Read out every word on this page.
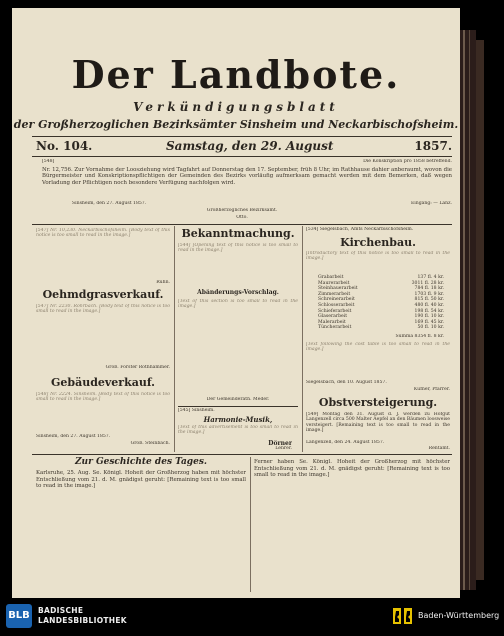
Der Landbote.
Verkündigungsblatt
der Großherzoglichen Bezirksämter Sinsheim und Neckarbischofsheim.
No. 104.	Samstag, den 29. August	1857.
[548]	Die Konskription pro 1858 betreffend.
Nr. 12,756. Zur Vornahme der Loosziehung wird Tagfahrt auf Donnerstag den 17. September, früh 8 Uhr, im Rathhause dahier anberaumt, wovon die Bürgermeister und Konskriptionspflichtigen der Gemeinden des Bezirks vorläufig aufmerksam gemacht werden mit dem Bemerken, daß wegen Vorladung der Pflichtigen noch besondere Verfügung nachfolgen wird.
Sinsheim, den 27. August 1857.
Großherzogliches Bezirksamt.
Otto.
Eingang: — Lanz.
[547] Nr. 10,230. Neckarbischofsheim. [Body text of this notice is too small to read in the image.]
Ruhn.
Oehmdgrasverkauf.
[547] Nr. 2230. Rohrbach. [Body text of this notice is too small to read in the image.]
Groß. Förster Rothhammer.
Gebäudeverkauf.
[548] Nr. 2224. Sinsheim. [Body text of this notice is too small to read in the image.]
Sinsheim, den 27. August 1857.
Groß. Steinbach.
Bekanntmachung.
[544] [Opening text of this notice is too small to read in the image.]
Abänderungs-Vorschlag.
[Text of this section is too small to read in the image.]
Der Gemeinderath. Meder.
[545] Sinsheim.
Harmonie-Musik,
[Text of this advertisement is too small to read in the image.]
Dörner
Lehrer.
[534] Siegelsbach, Amts Neckarbischofsheim.
Kirchenbau.
[Introductory text of this notice is too small to read in the image.]
Grabarbeit	137 fl. 4 kr.
Maurerarbeit	3011 fl. 28 kr.
Steinhauerarbeit	784 fl. 18 kr.
Zimmerarbeit	1703 fl. 9 kr.
Schreinerarbeit	815 fl. 50 kr.
Schlosserarbeit	480 fl. 40 kr.
Schieferarbeit	198 fl. 54 kr.
Glaserarbeit	190 fl. 10 kr.
Malerarbeit	169 fl. 45 kr.
Tüncherarbeit	50 fl. 10 kr.
Summa 8354 fl. 8 kr.
[Text following the cost table is too small to read in the image.]
Siegelsbach, den 10. August 1857.
Küfner, Pfarrer.
Obstversteigerung.
[549] Montag den 31. August d. J. werden zu Hofgut Langenzell circa 500 Malter Aepfel an den Bäumen loosweise versteigert. [Remaining text is too small to read in the image.]
Langenzell, den 24. August 1857.
Rentamt.
Zur Geschichte des Tages.
Karlsruhe, 25. Aug. Se. Königl. Hoheit der Großherzog haben mit höchster Entschließung vom 21. d. M. gnädigst geruht: [Remaining text is too small to read in the image.]
Ferner haben Se. Königl. Hoheit der Großherzog mit höchster Entschließung vom 21. d. M. gnädigst geruht: [Remaining text is too small to read in the image.]
BLB BADISCHE
LANDESBIBLIOTHEK	Baden-Württemberg
